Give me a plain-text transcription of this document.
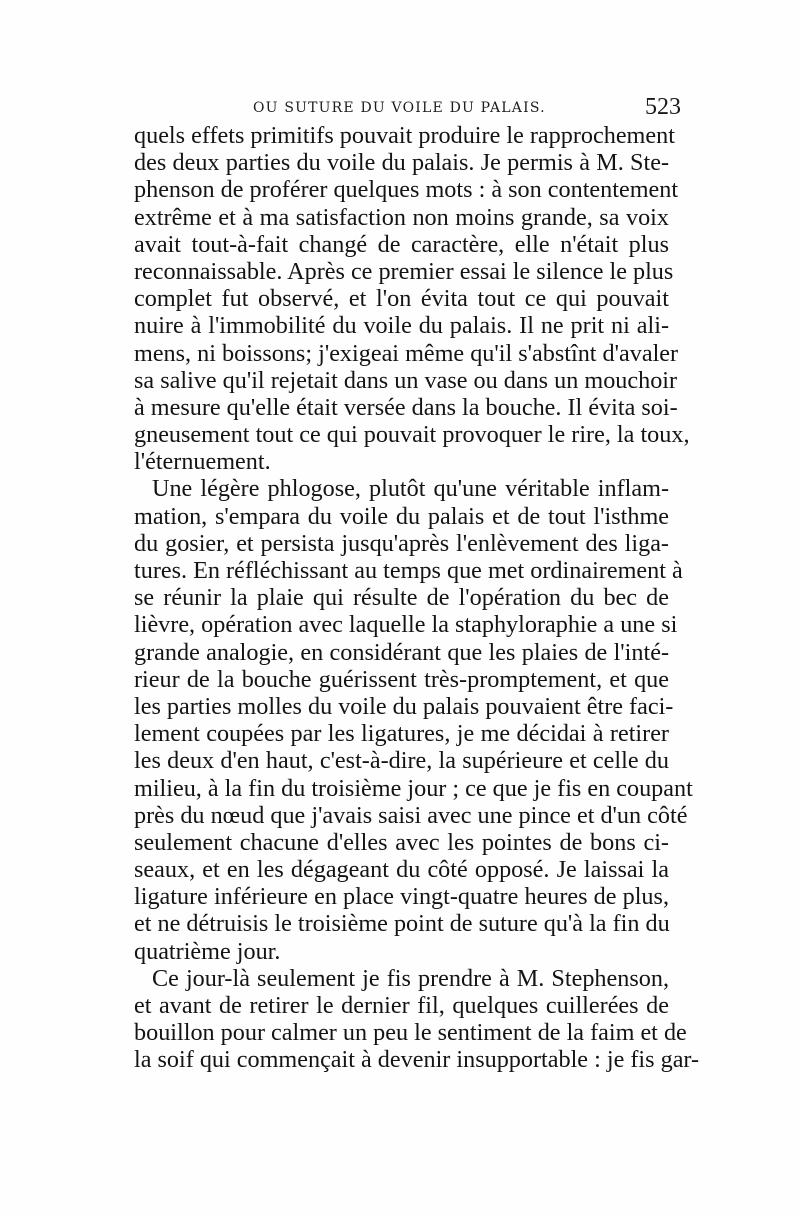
OU SUTURE DU VOILE DU PALAIS.	523
quels effets primitifs pouvait produire le rapprochement
des deux parties du voile du palais. Je permis à M. Ste-
phenson de proférer quelques mots : à son contentement
extrême et à ma satisfaction non moins grande, sa voix
avait tout-à-fait changé de caractère, elle n'était plus
reconnaissable. Après ce premier essai le silence le plus
complet fut observé, et l'on évita tout ce qui pouvait
nuire à l'immobilité du voile du palais. Il ne prit ni ali-
mens, ni boissons; j'exigeai même qu'il s'abstînt d'avaler
sa salive qu'il rejetait dans un vase ou dans un mouchoir
à mesure qu'elle était versée dans la bouche. Il évita soi-
gneusement tout ce qui pouvait provoquer le rire, la toux,
l'éternuement.
Une légère phlogose, plutôt qu'une véritable inflam-
mation, s'empara du voile du palais et de tout l'isthme
du gosier, et persista jusqu'après l'enlèvement des liga-
tures. En réfléchissant au temps que met ordinairement à
se réunir la plaie qui résulte de l'opération du bec de
lièvre, opération avec laquelle la staphyloraphie a une si
grande analogie, en considérant que les plaies de l'inté-
rieur de la bouche guérissent très-promptement, et que
les parties molles du voile du palais pouvaient être faci-
lement coupées par les ligatures, je me décidai à retirer
les deux d'en haut, c'est-à-dire, la supérieure et celle du
milieu, à la fin du troisième jour ; ce que je fis en coupant
près du nœud que j'avais saisi avec une pince et d'un côté
seulement chacune d'elles avec les pointes de bons ci-
seaux, et en les dégageant du côté opposé. Je laissai la
ligature inférieure en place vingt-quatre heures de plus,
et ne détruisis le troisième point de suture qu'à la fin du
quatrième jour.
Ce jour-là seulement je fis prendre à M. Stephenson,
et avant de retirer le dernier fil, quelques cuillerées de
bouillon pour calmer un peu le sentiment de la faim et de
la soif qui commençait à devenir insupportable : je fis gar-
